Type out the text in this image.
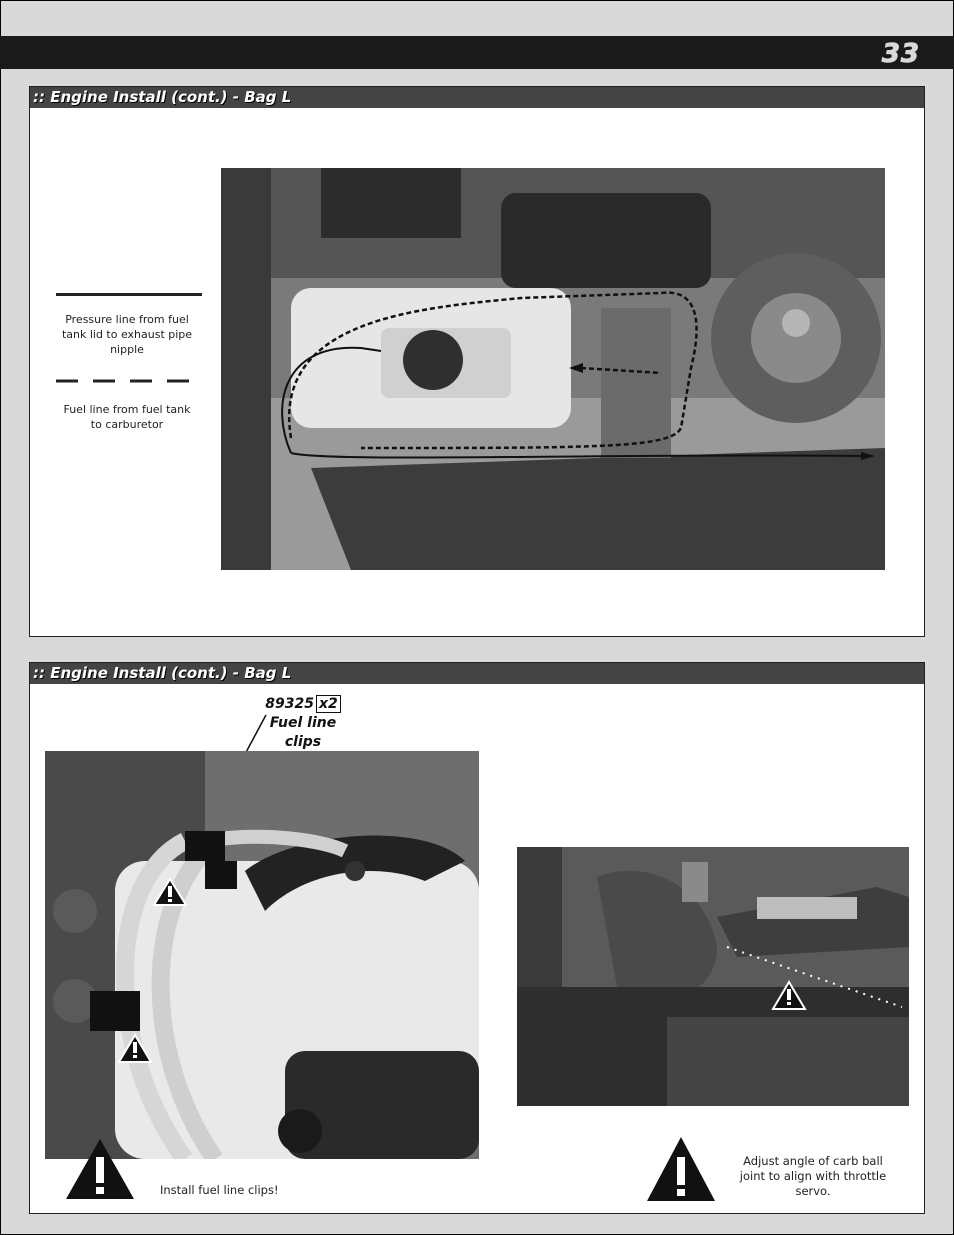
33
:: Engine Install (cont.) - Bag L
Pressure line from fuel tank lid to exhaust pipe nipple
Fuel line from fuel tank to carburetor
:: Engine Install (cont.) - Bag L
89325 x2
Fuel line
clips
Install fuel line clips!
Adjust angle of carb ball joint to align with throttle servo.
